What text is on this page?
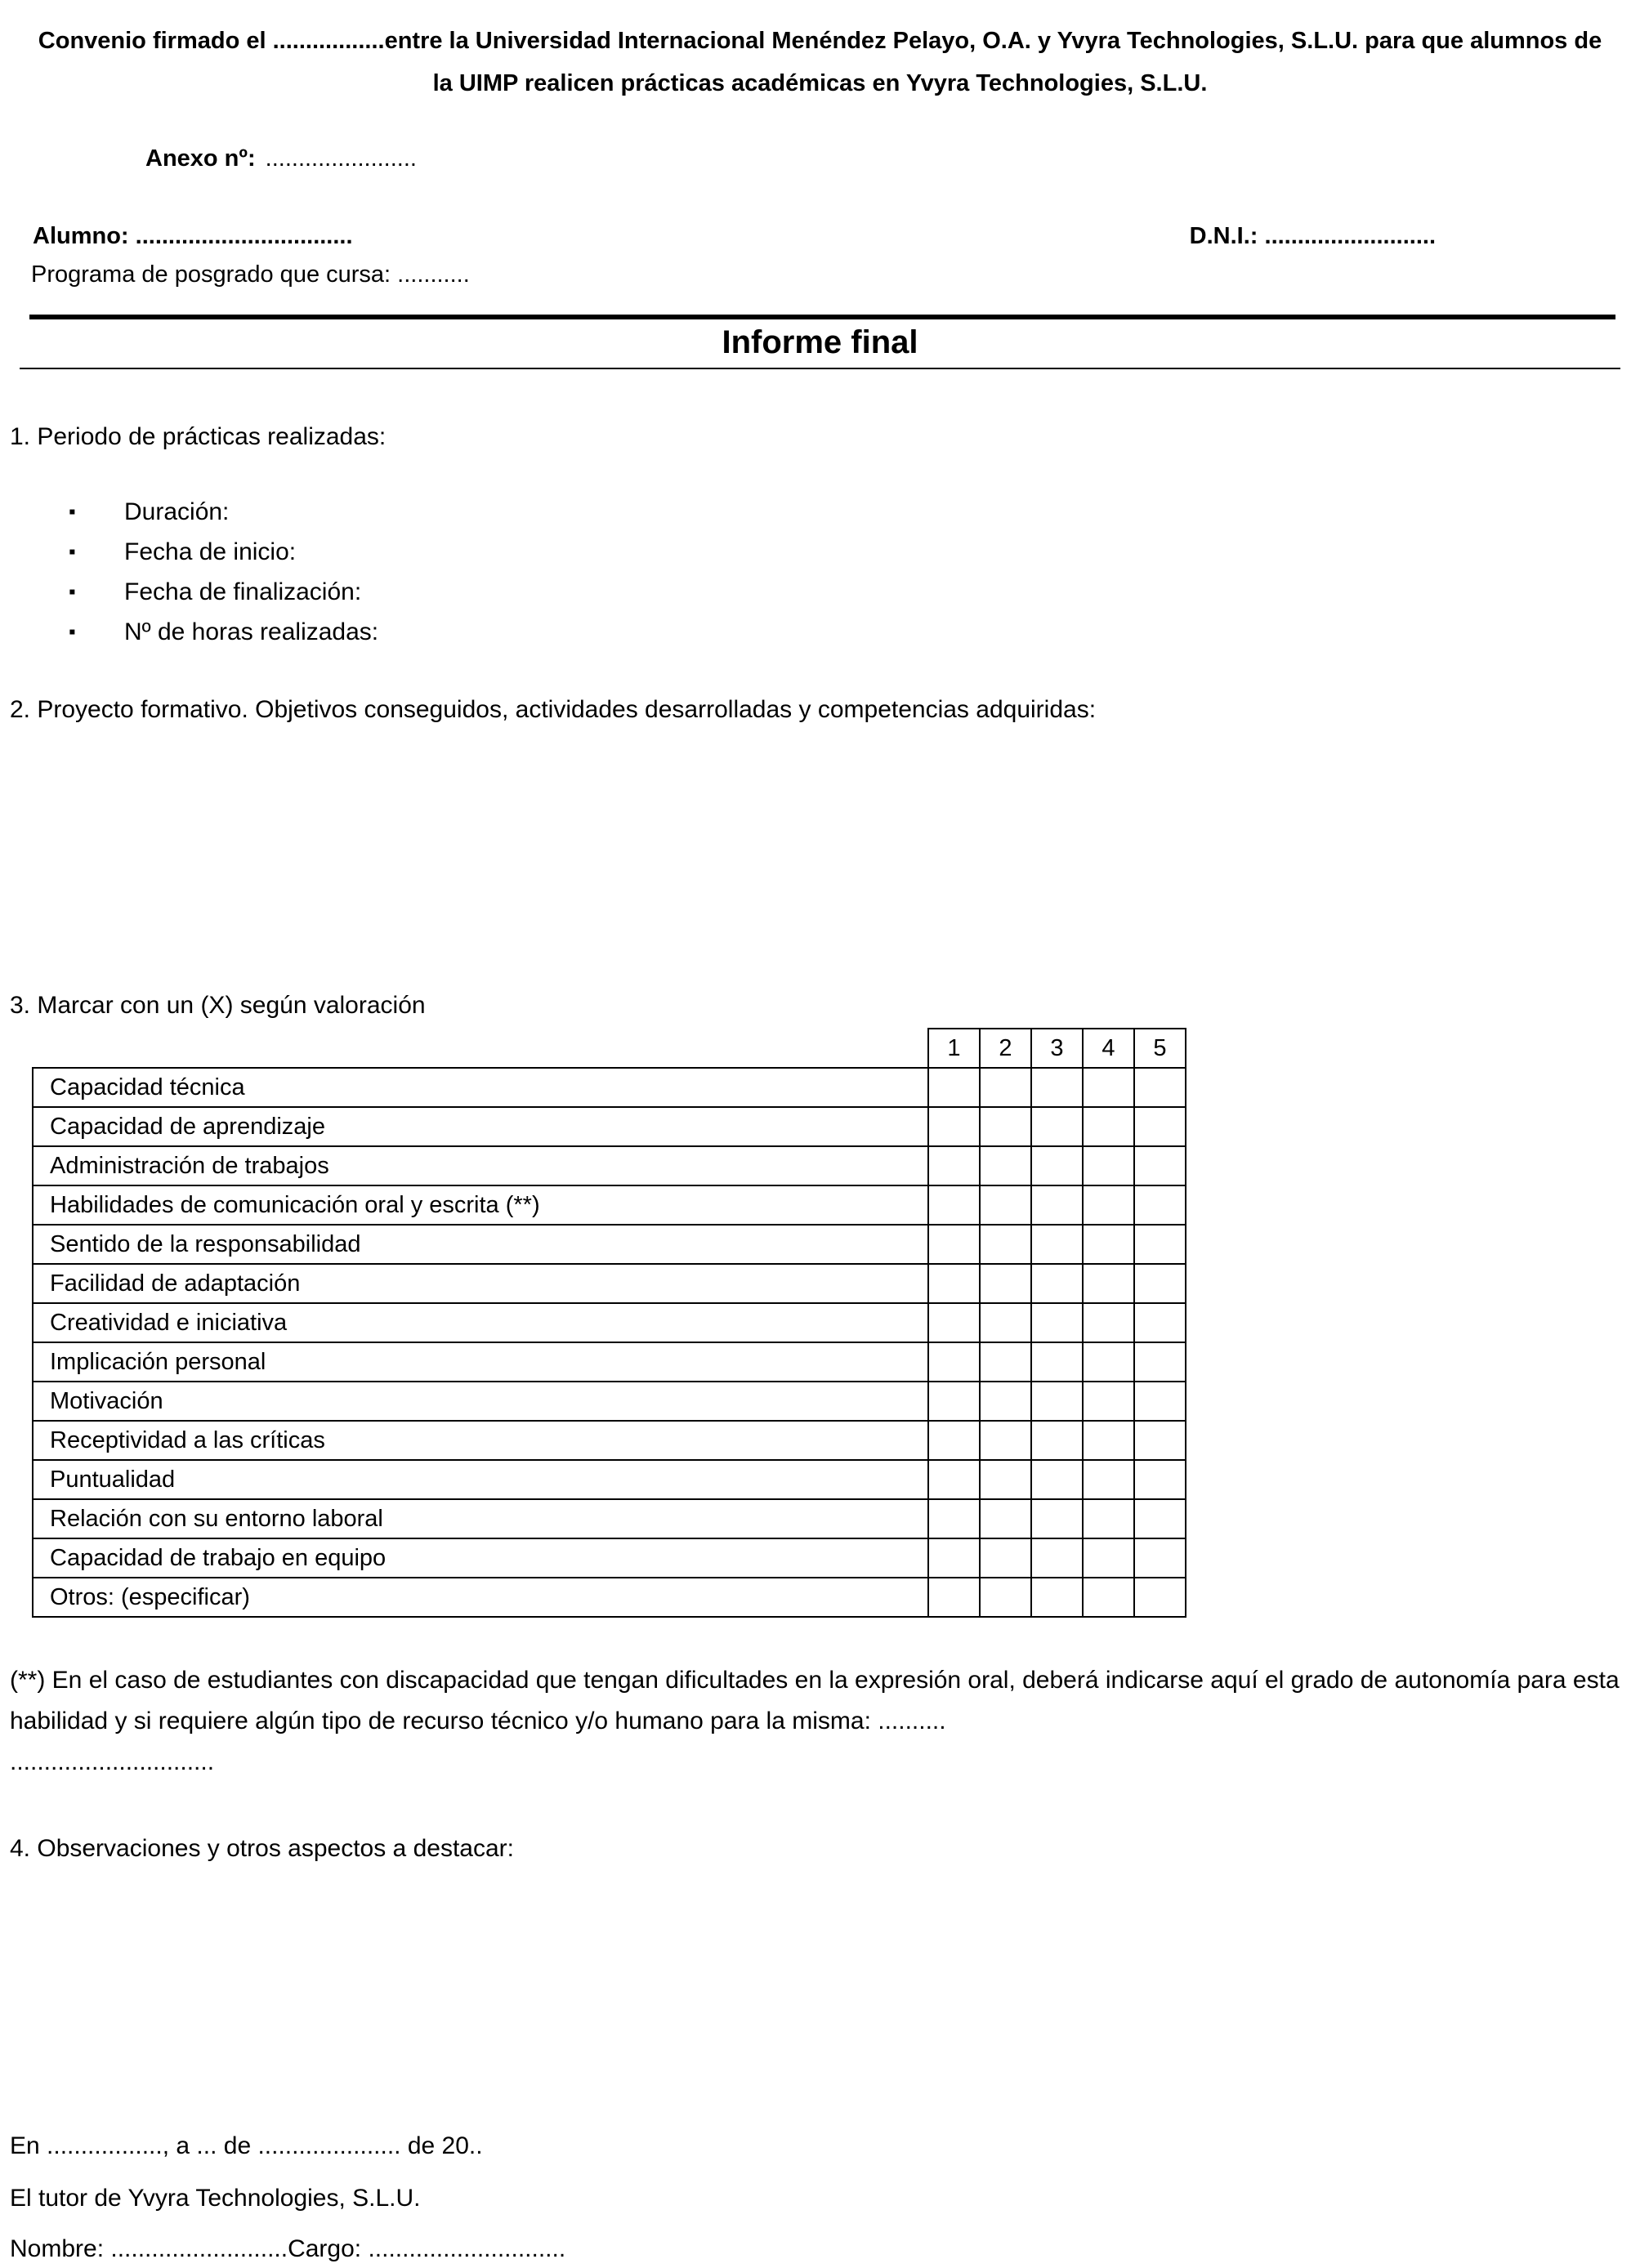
Convenio firmado el .................entre la Universidad Internacional Menéndez Pelayo, O.A. y Yvyra Technologies, S.L.U. para que alumnos de la UIMP realicen prácticas académicas en Yvyra Technologies, S.L.U.

Anexo nº: .......................

Alumno: .................................	D.N.I.: ..........................

Programa de posgrado que cursa: ...........

Informe final

1. Periodo de prácticas realizadas:

▪ Duración:
▪ Fecha de inicio:
▪ Fecha de finalización:
▪ Nº de horas realizadas:

2. Proyecto formativo. Objetivos conseguidos, actividades desarrolladas y competencias adquiridas:

3. Marcar con un (X) según valoración

	1	2	3	4	5
Capacidad técnica					
Capacidad de aprendizaje					
Administración de trabajos					
Habilidades de comunicación oral y escrita (**)					
Sentido de la responsabilidad					
Facilidad de adaptación					
Creatividad e iniciativa					
Implicación personal					
Motivación					
Receptividad a las críticas					
Puntualidad					
Relación con su entorno laboral					
Capacidad de trabajo en equipo					
Otros: (especificar)					

(**) En el caso de estudiantes con discapacidad que tengan dificultades en la expresión oral, deberá indicarse aquí el grado de autonomía para esta habilidad y si requiere algún tipo de recurso técnico y/o humano para la misma: ..........

..............................

4. Observaciones y otros aspectos a destacar:

En ................., a ... de ..................... de 20..

El tutor de Yvyra Technologies, S.L.U.

Nombre: ..........................Cargo: .............................
